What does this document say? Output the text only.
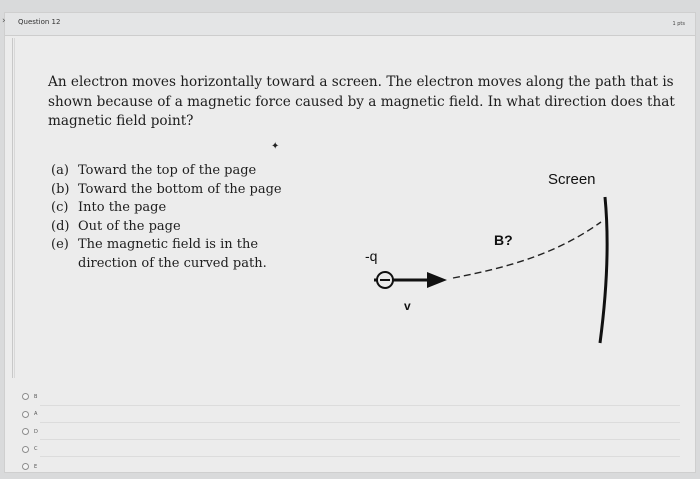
› Question 12	1 pts
An electron moves horizontally toward a screen. The electron moves along the path that is shown because of a magnetic force caused by a magnetic field. In what direction does that magnetic field point?
✦
(a) Toward the top of the page
(b) Toward the bottom of the page
(c) Into the page
(d) Out of the page
(e) The magnetic field is in the
direction of the curved path.
Screen
B?
-q
v
B
A
D
C
E
